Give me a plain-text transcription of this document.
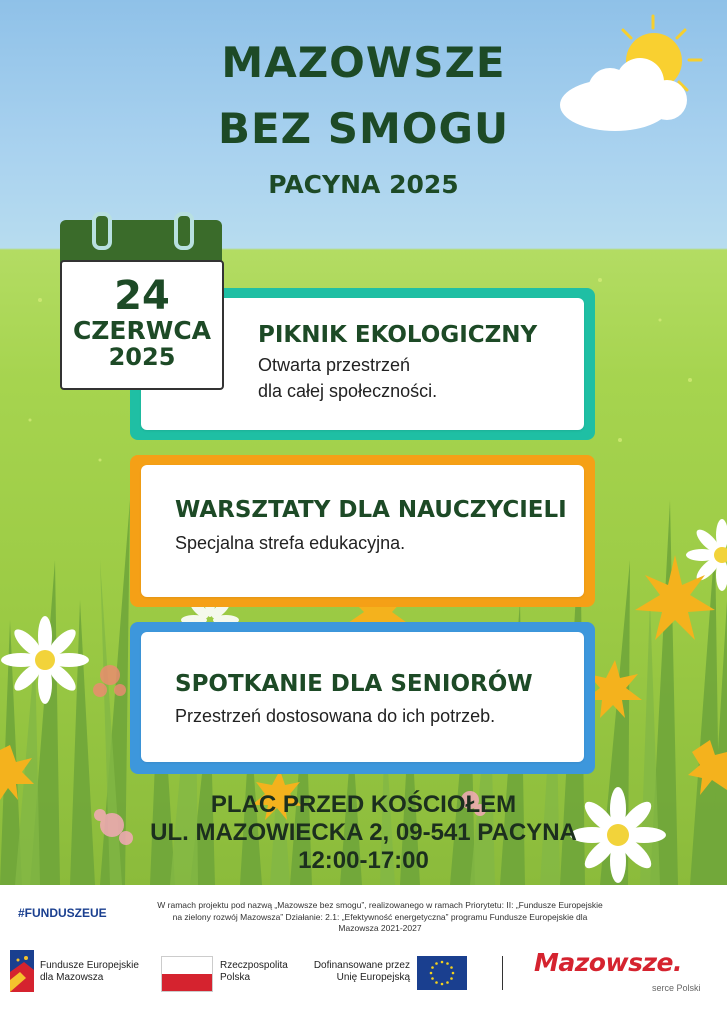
MAZOWSZE
BEZ SMOGU
PACYNA 2025
PIKNIK EKOLOGICZNY
Otwarta przestrzeń
dla całej społeczności.
WARSZTATY DLA NAUCZYCIELI
Specjalna strefa edukacyjna.
SPOTKANIE DLA SENIORÓW
Przestrzeń dostosowana do ich potrzeb.
24
CZERWCA
2025
PLAC PRZED KOŚCIOŁEM
UL. MAZOWIECKA 2, 09-541 PACYNA
12:00-17:00
#FUNDUSZEUE
W ramach projektu pod nazwą „Mazowsze bez smogu”, realizowanego w ramach Priorytetu: II: „Fundusze Europejskie
na zielony rozwój Mazowsza” Działanie: 2.1: „Efektywność energetyczna” programu Fundusze Europejskie dla
Mazowsza 2021-2027
Fundusze Europejskie
dla Mazowsza
Rzeczpospolita
Polska
Dofinansowane przez
Unię Europejską
Mazowsze.
serce Polski
